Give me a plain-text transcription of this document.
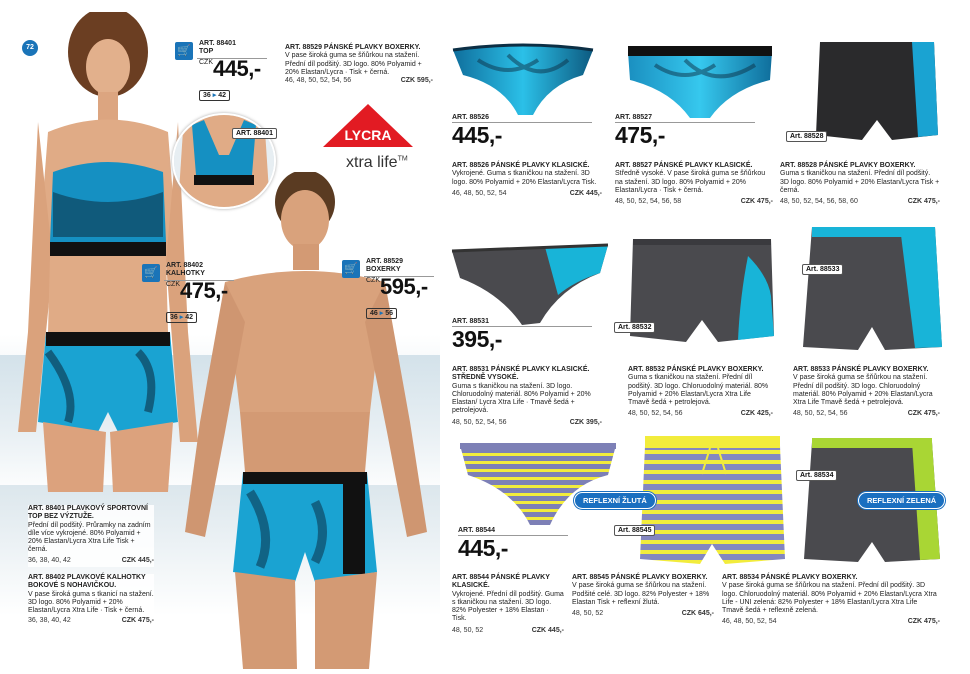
72
ART. 88401
🛒
ART. 88401
TOP
CZK 445,-
36 ▸ 42
🛒
ART. 88402
KALHOTKY
CZK 475,-
36 ▸ 42
🛒
ART. 88529
BOXERKY
CZK 595,-
46 ▸ 56
LYCRA
xtra life™
ART. 88529 PÁNSKÉ PLAVKY BOXERKY.
V pase široká guma se šňůrkou na stažení. Přední díl podšitý. 3D logo. 80% Polyamid + 20% Elastan/Lycra · Tisk + černá.
46, 48, 50, 52, 54, 56	CZK 595,-
ART. 88401 PLAVKOVÝ SPORTOVNÍ TOP BEZ VÝZTUŽE.
Přední díl podšitý. Průramky na zadním díle více vykrojené. 80% Polyamid + 20% Elastan/Lycra Xtra Life Tisk + černá.
36, 38, 40, 42	CZK 445,-
ART. 88402 PLAVKOVÉ KALHOTKY BOKOVÉ S NOHAVIČKOU.
V pase široká guma s tkanicí na stažení. 3D logo. 80% Polyamid + 20% Elastan/Lycra Xtra Life · Tisk + černá.
36, 38, 40, 42	CZK 475,-
ART. 88526
445,-
ART. 88527
475,-	Art. 88528
ART. 88526 PÁNSKÉ PLAVKY KLASICKÉ.
Vykrojené. Guma s tkaničkou na stažení. 3D logo. 80% Polyamid + 20% Elastan/Lycra Tisk.
46, 48, 50, 52, 54	CZK 445,-
ART. 88527 PÁNSKÉ PLAVKY KLASICKÉ.
Středně vysoké. V pase široká guma se šňůrkou na stažení. 3D logo. 80% Polyamid + 20% Elastan/Lycra · Tisk + černá.
48, 50, 52, 54, 56, 58	CZK 475,-
ART. 88528 PÁNSKÉ PLAVKY BOXERKY.
Guma s tkaničkou na stažení. Přední díl podšitý. 3D logo. 80% Polyamid + 20% Elastan/Lycra Tisk + černá.
48, 50, 52, 54, 56, 58, 60	CZK 475,-
ART. 88531
395,-	Art. 88532
Art. 88533
ART. 88531 PÁNSKÉ PLAVKY KLASICKÉ. STŘEDNĚ VYSOKÉ.
Guma s tkaničkou na stažení. 3D logo. Chloruodolný materiál. 80% Polyamid + 20% Elastan/ Lycra Xtra Life · Tmavě šedá + petrolejová.
48, 50, 52, 54, 56	CZK 395,-
ART. 88532 PÁNSKÉ PLAVKY BOXERKY.
Guma s tkaničkou na stažení. Přední díl podšitý. 3D logo. Chloruodolný materiál. 80% Polyamid + 20% Elastan/Lycra Xtra Life Tmavě šedá + petrolejová.
48, 50, 52, 54, 56	CZK 425,-
ART. 88533 PÁNSKÉ PLAVKY BOXERKY.
V pase široká guma se šňůrkou na stažení. Přední díl podšitý. 3D logo. Chloruodolný materiál. 80% Polyamid + 20% Elastan/Lycra Xtra Life Tmavě šedá + petrolejová.
48, 50, 52, 54, 56	CZK 475,-
REFLEXNÍ ŽLUTÁ	REFLEXNÍ ZELENÁ
ART. 88544
445,-
Art. 88545
Art. 88534
ART. 88544 PÁNSKÉ PLAVKY KLASICKÉ.
Vykrojené. Přední díl podšitý. Guma s tkaničkou na stažení. 3D logo. 82% Polyester + 18% Elastan · Tisk.
48, 50, 52	CZK 445,-
ART. 88545 PÁNSKÉ PLAVKY BOXERKY.
V pase široká guma se šňůrkou na stažení. Podšité celé. 3D logo. 82% Polyester + 18% Elastan Tisk + reflexní žlutá.
48, 50, 52	CZK 645,-
ART. 88534 PÁNSKÉ PLAVKY BOXERKY.
V pase široká guma se šňůrkou na stažení. Přední díl podšitý. 3D logo. Chloruodolný materiál. 80% Polyamid + 20% Elastan/Lycra Xtra Life - UNI zelená: 82% Polyester + 18% Elastan/Lycra Xtra Life Tmavě šedá + reflexně zelená.
46, 48, 50, 52, 54	CZK 475,-
